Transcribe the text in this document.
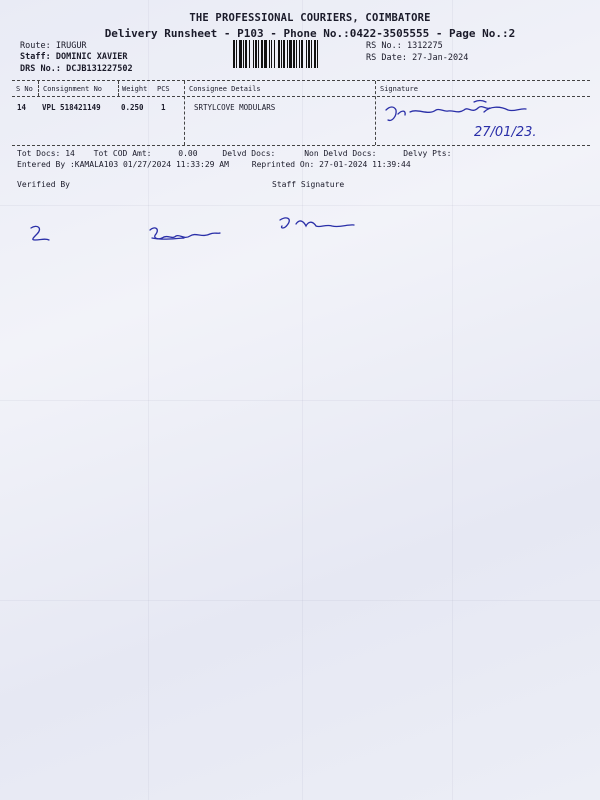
THE PROFESSIONAL COURIERS, COIMBATORE
Delivery Runsheet - P103 - Phone No.:0422-3505555 - Page No.:2
Route: IRUGUR
Staff: DOMINIC XAVIER
DRS No.: DCJB131227502
RS No.: 1312275
RS Date: 27-Jan-2024
S No Consignment No	Weight PCS	Consignee Details	Signature
14 VPL 518421149	0.250 1	SRTYLCOVE MODULARS
27/01/23.
Tot Docs: 14 Tot COD Amt:	0.00	Delvd Docs:	Non Delvd Docs:	Delvy Pts:
Entered By :KAMALA103 01/27/2024 11:33:29 AM	Reprinted On: 27-01-2024 11:39:44
Verified By	Staff Signature
